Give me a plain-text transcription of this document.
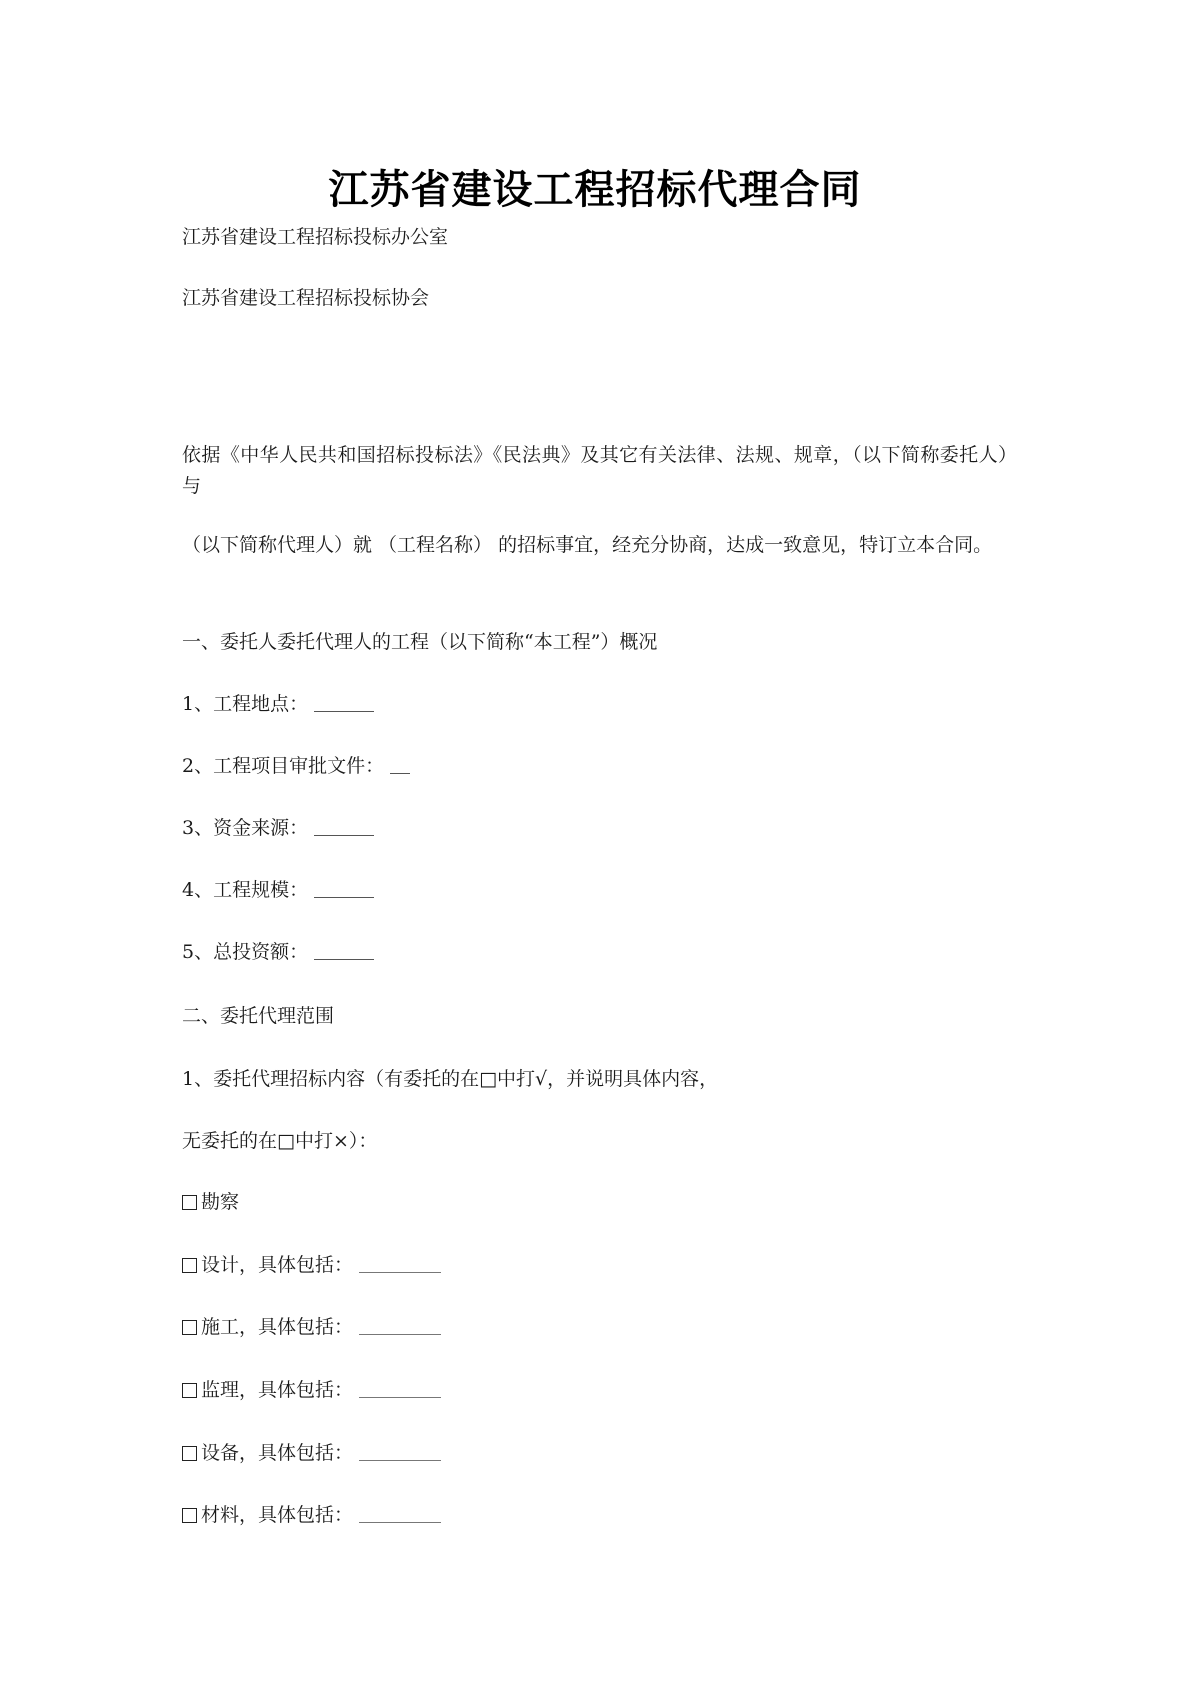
江苏省建设工程招标代理合同
江苏省建设工程招标投标办公室
江苏省建设工程招标投标协会
依据《中华人民共和国招标投标法》《民法典》及其它有关法律、法规、规章，（以下简称委托人）与
（以下简称代理人）就 （工程名称） 的招标事宜，经充分协商，达成一致意见，特订立本合同。
一、委托人委托代理人的工程（以下简称“本工程”）概况
1、工程地点：
2、工程项目审批文件：
3、资金来源：
4、工程规模：
5、总投资额：
二、委托代理范围
1、委托代理招标内容（有委托的在□中打√，并说明具体内容，
无委托的在□中打×）：
勘察
设计，具体包括：
施工，具体包括：
监理，具体包括：
设备，具体包括：
材料，具体包括：
